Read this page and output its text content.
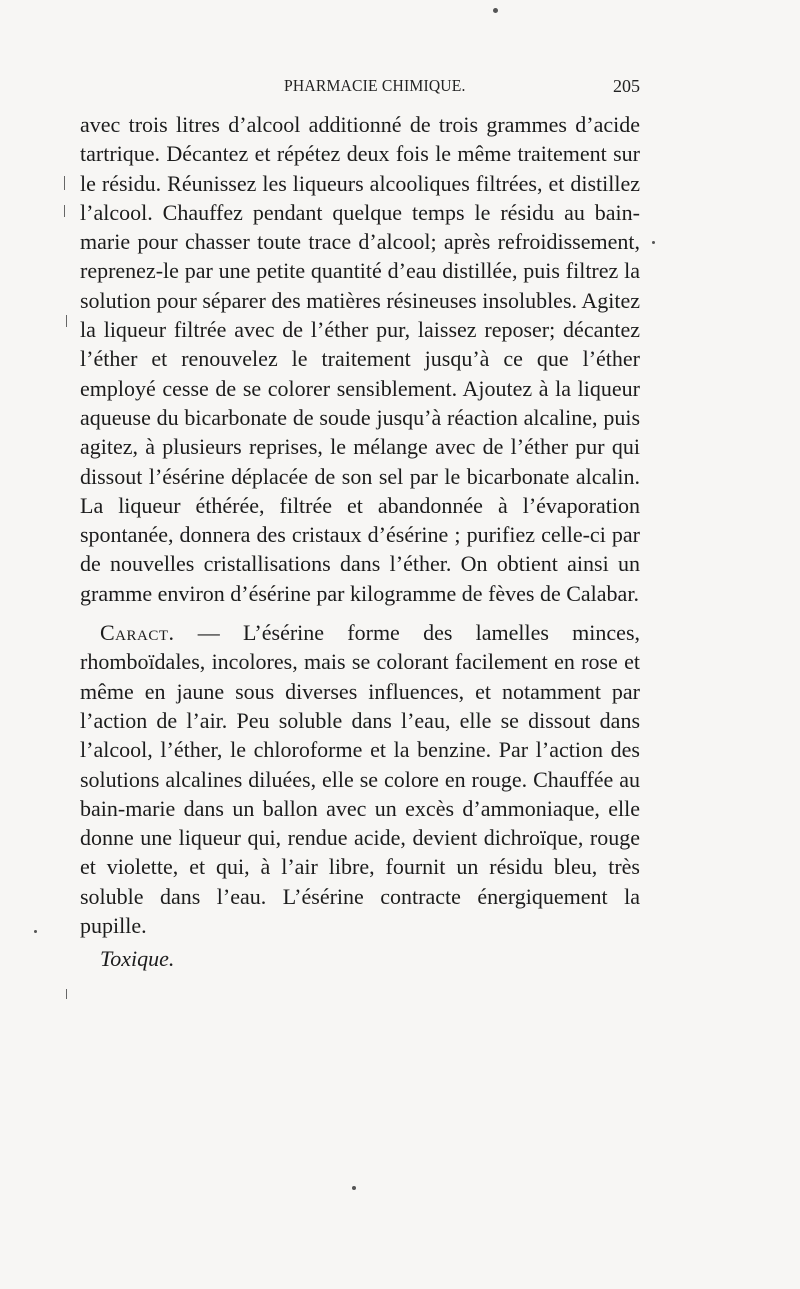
PHARMACIE CHIMIQUE.	205

avec trois litres d’alcool additionné de trois grammes d’acide tartrique. Décantez et répétez deux fois le même traitement sur le résidu. Réunissez les liqueurs alcooliques filtrées, et distillez l’alcool. Chauffez pendant quelque temps le résidu au bain-marie pour chasser toute trace d’alcool; après refroidissement, reprenez-le par une petite quantité d’eau distillée, puis filtrez la solution pour séparer des matières résineuses insolubles. Agitez la liqueur filtrée avec de l’éther pur, laissez reposer; décantez l’éther et renouvelez le traitement jusqu’à ce que l’éther employé cesse de se colorer sensiblement. Ajoutez à la liqueur aqueuse du bicarbonate de soude jusqu’à réaction alcaline, puis agitez, à plusieurs reprises, le mélange avec de l’éther pur qui dissout l’ésérine déplacée de son sel par le bicarbonate alcalin. La liqueur éthérée, filtrée et abandonnée à l’évaporation spontanée, donnera des cristaux d’ésérine ; purifiez celle-ci par de nouvelles cristallisations dans l’éther. On obtient ainsi un gramme environ d’ésérine par kilogramme de fèves de Calabar.

Caract. — L’ésérine forme des lamelles minces, rhomboïdales, incolores, mais se colorant facilement en rose et même en jaune sous diverses influences, et notamment par l’action de l’air. Peu soluble dans l’eau, elle se dissout dans l’alcool, l’éther, le chloroforme et la benzine. Par l’action des solutions alcalines diluées, elle se colore en rouge. Chauffée au bain-marie dans un ballon avec un excès d’ammoniaque, elle donne une liqueur qui, rendue acide, devient dichroïque, rouge et violette, et qui, à l’air libre, fournit un résidu bleu, très soluble dans l’eau. L’ésérine contracte énergiquement la pupille.

Toxique.
